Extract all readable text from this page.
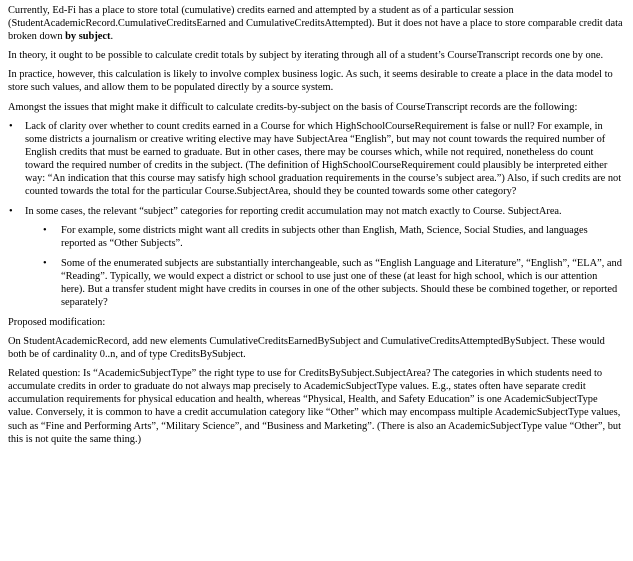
Currently, Ed-Fi has a place to store total (cumulative) credits earned and attempted by a student as of a particular session (StudentAcademicRecord.CumulativeCreditsEarned and CumulativeCreditsAttempted). But it does not have a place to store comparable credit data broken down by subject.

In theory, it ought to be possible to calculate credit totals by subject by iterating through all of a student’s CourseTranscript records one by one.

In practice, however, this calculation is likely to involve complex business logic. As such, it seems desirable to create a place in the data model to store such values, and allow them to be populated directly by a source system.

Amongst the issues that might make it difficult to calculate credits-by-subject on the basis of CourseTranscript records are the following:

• Lack of clarity over whether to count credits earned in a Course for which HighSchoolCourseRequirement is false or null? For example, in some districts a journalism or creative writing elective may have SubjectArea “English”, but may not count towards the required number of English credits that must be earned to graduate. But in other cases, there may be courses which, while not required, nonetheless do count toward the required number of credits in the subject. (The definition of HighSchoolCourseRequirement could plausibly be interpreted either way: “An indication that this course may satisfy high school graduation requirements in the course’s subject area.”) Also, if such credits are not counted towards the total for the particular Course.SubjectArea, should they be counted towards some other category?
• In some cases, the relevant “subject” categories for reporting credit accumulation may not match exactly to Course. SubjectArea.
• For example, some districts might want all credits in subjects other than English, Math, Science, Social Studies, and languages reported as “Other Subjects”.
• Some of the enumerated subjects are substantially interchangeable, such as “English Language and Literature”, “English”, “ELA”, and “Reading”. Typically, we would expect a district or school to use just one of these (at least for high school, which is our attention here). But a transfer student might have credits in courses in one of the other subjects. Should these be combined together, or reported separately?

Proposed modification:

On StudentAcademicRecord, add new elements CumulativeCreditsEarnedBySubject and CumulativeCreditsAttemptedBySubject. These would both be of cardinality 0..n, and of type CreditsBySubject.

Related question: Is “AcademicSubjectType” the right type to use for CreditsBySubject.SubjectArea? The categories in which students need to accumulate credits in order to graduate do not always map precisely to AcademicSubjectType values. E.g., states often have separate credit accumulation requirements for physical education and health, whereas “Physical, Health, and Safety Education” is one AcademicSubjectType value. Conversely, it is common to have a credit accumulation category like “Other” which may encompass multiple AcademicSubjectType values, such as “Fine and Performing Arts”, “Military Science”, and “Business and Marketing”. (There is also an AcademicSubjectType value “Other”, but this is not quite the same thing.)
